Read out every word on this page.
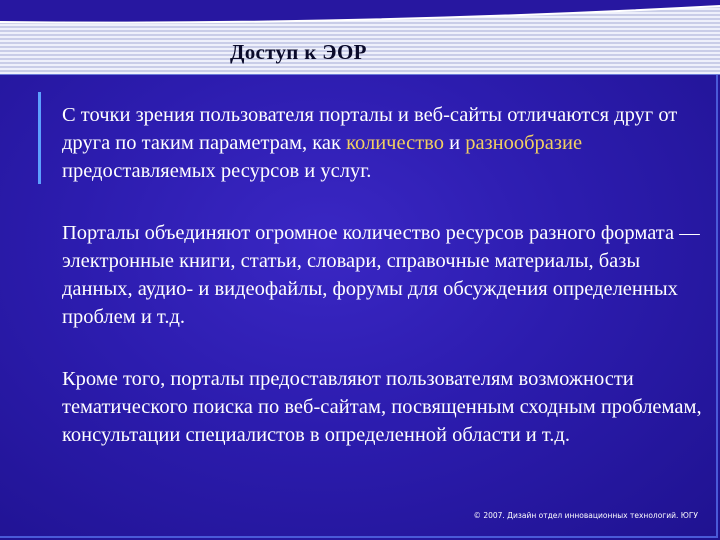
Доступ к ЭОР

С точки зрения пользователя порталы и веб-сайты отличаются друг от друга по таким параметрам, как количество и разнообразие предоставляемых ресурсов и услуг.

Порталы объединяют огромное количество ресурсов разного формата — электронные книги, статьи, словари, справочные материалы, базы данных, аудио- и видеофайлы, форумы для обсуждения определенных проблем и т.д.

Кроме того, порталы предоставляют пользователям возможности тематического поиска по веб-сайтам, посвященным сходным проблемам, консультации специалистов в определенной области и т.д.

© 2007. Дизайн отдел инновационных технологий. ЮГУ
